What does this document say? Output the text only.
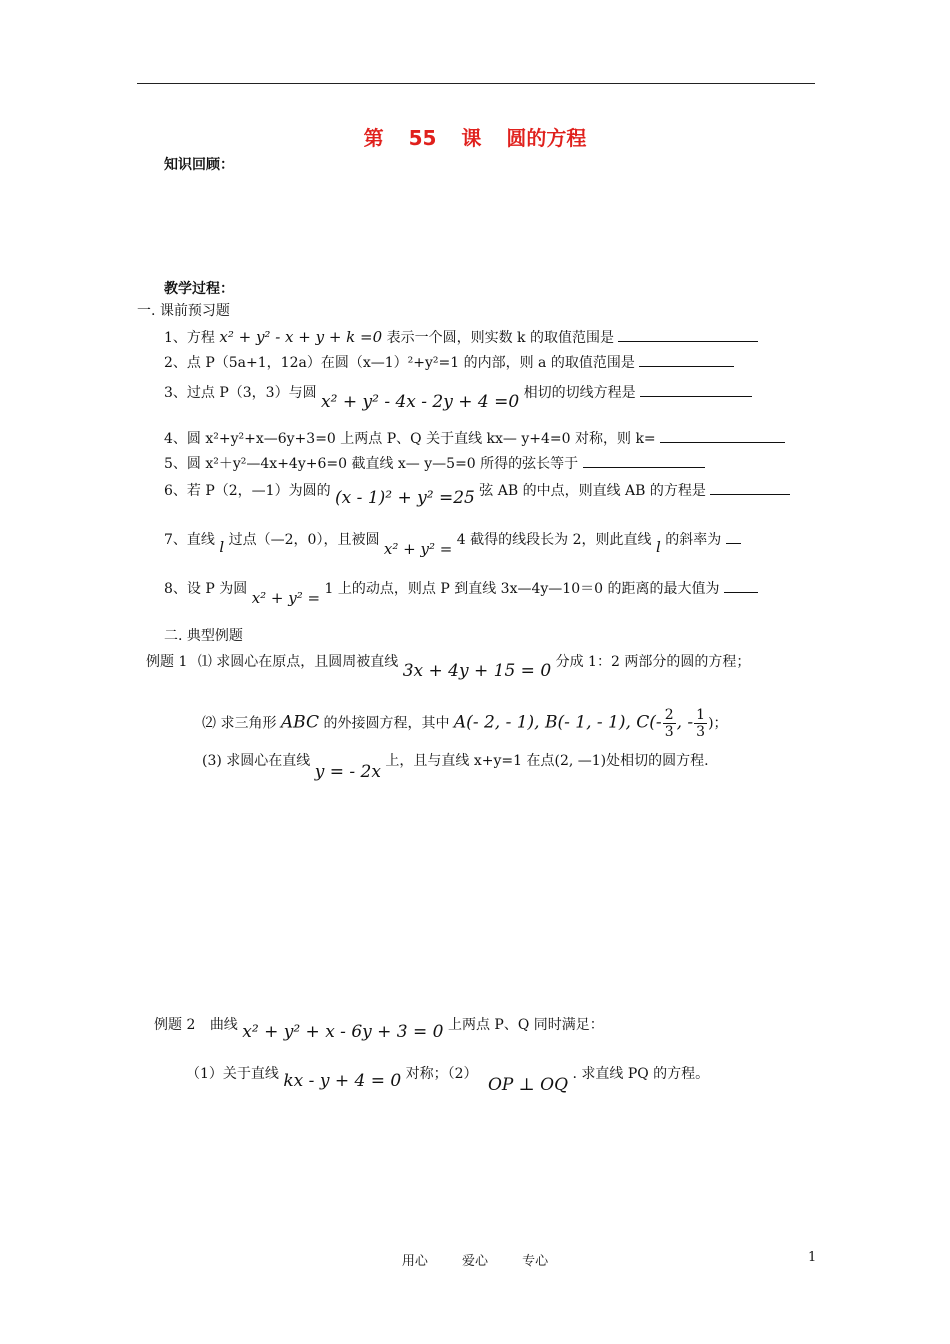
第 55 课 圆的方程
知识回顾：
教学过程：
一. 课前预习题
1、方程 x² + y² - x + y + k =0 表示一个圆，则实数 k 的取值范围是
2、点 P（5a+1，12a）在圆（x—1）²+y²=1 的内部，则 a 的取值范围是
3、过点 P（3，3）与圆 x² + y² - 4x - 2y + 4 =0 相切的切线方程是
4、圆 x²+y²+x—6y+3=0 上两点 P、Q 关于直线 kx— y+4=0 对称，则 k=
5、圆 x²＋y²—4x+4y+6=0 截直线 x— y—5=0 所得的弦长等于
6、若 P（2，—1）为圆的 (x - 1)² + y² =25 弦 AB 的中点，则直线 AB 的方程是
7、直线 l 过点（—2，0），且被圆 x² + y² = 4 截得的线段长为 2，则此直线 l 的斜率为
8、设 P 为圆 x² + y² = 1 上的动点，则点 P 到直线 3x—4y—10＝0 的距离的最大值为
二. 典型例题
例题 1 ⑴ 求圆心在原点，且圆周被直线 3x + 4y + 15 = 0 分成 1：2 两部分的圆的方程；
⑵ 求三角形 ABC 的外接圆方程，其中 A(- 2, - 1), B(- 1, - 1), $C(- \frac{2}{3}$ , - $\frac{1}{3}$ )；
(3) 求圆心在直线 y = - 2x 上，且与直线 x+y=1 在点(2, —1)处相切的圆方程.
例题 2 曲线 x² + y² + x - 6y + 3 = 0 上两点 P、Q 同时满足：
（1）关于直线 kx - y + 4 = 0 对称；（2） OP ⊥ OQ . 求直线 PQ 的方程。
用心 爱心 专心	1
